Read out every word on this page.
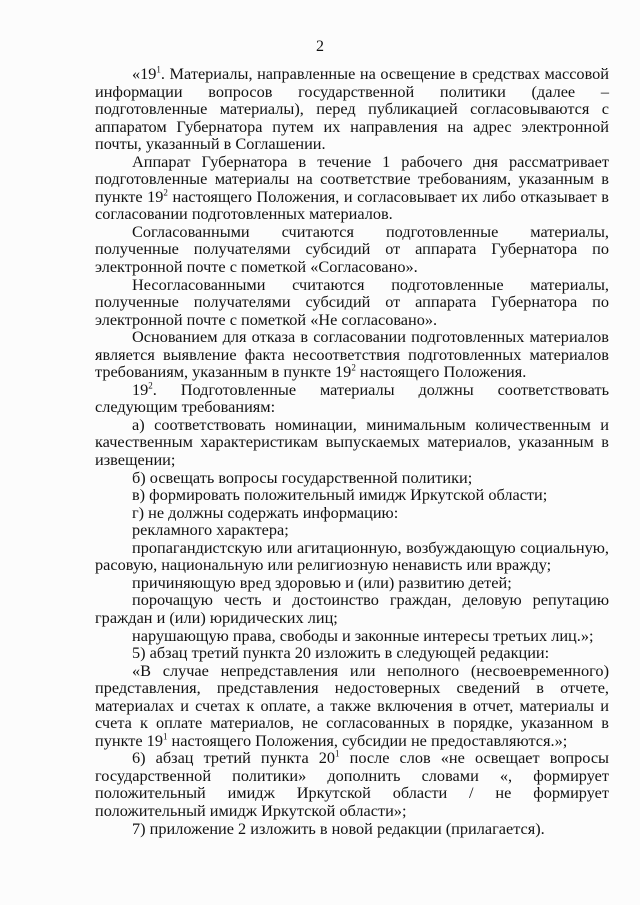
2

«$19^1$. Материалы, направленные на освещение в средствах массовой информации вопросов государственной политики (далее – подготовленные материалы), перед публикацией согласовываются с аппаратом Губернатора путем их направления на адрес электронной почты, указанный в Соглашении.

Аппарат Губернатора в течение 1 рабочего дня рассматривает подготовленные материалы на соответствие требованиям, указанным в пункте $19^2$ настоящего Положения, и согласовывает их либо отказывает в согласовании подготовленных материалов.

Согласованными считаются подготовленные материалы, полученные получателями субсидий от аппарата Губернатора по электронной почте с пометкой «Согласовано».

Несогласованными считаются подготовленные материалы, полученные получателями субсидий от аппарата Губернатора по электронной почте с пометкой «Не согласовано».

Основанием для отказа в согласовании подготовленных материалов является выявление факта несоответствия подготовленных материалов требованиям, указанным в пункте $19^2$ настоящего Положения.

$19^2$. Подготовленные материалы должны соответствовать следующим требованиям:

а) соответствовать номинации, минимальным количественным и качественным характеристикам выпускаемых материалов, указанным в извещении;

б) освещать вопросы государственной политики;

в) формировать положительный имидж Иркутской области;

г) не должны содержать информацию:

рекламного характера;

пропагандистскую или агитационную, возбуждающую социальную, расовую, национальную или религиозную ненависть или вражду;

причиняющую вред здоровью и (или) развитию детей;

порочащую честь и достоинство граждан, деловую репутацию граждан и (или) юридических лиц;

нарушающую права, свободы и законные интересы третьих лиц.»;

5) абзац третий пункта 20 изложить в следующей редакции:

«В случае непредставления или неполного (несвоевременного) представления, представления недостоверных сведений в отчете, материалах и счетах к оплате, а также включения в отчет, материалы и счета к оплате материалов, не согласованных в порядке, указанном в пункте $19^1$ настоящего Положения, субсидии не предоставляются.»;

6) абзац третий пункта $20^1$ после слов «не освещает вопросы государственной политики» дополнить словами «, формирует положительный имидж Иркутской области / не формирует положительный имидж Иркутской области»;

7) приложение 2 изложить в новой редакции (прилагается).
